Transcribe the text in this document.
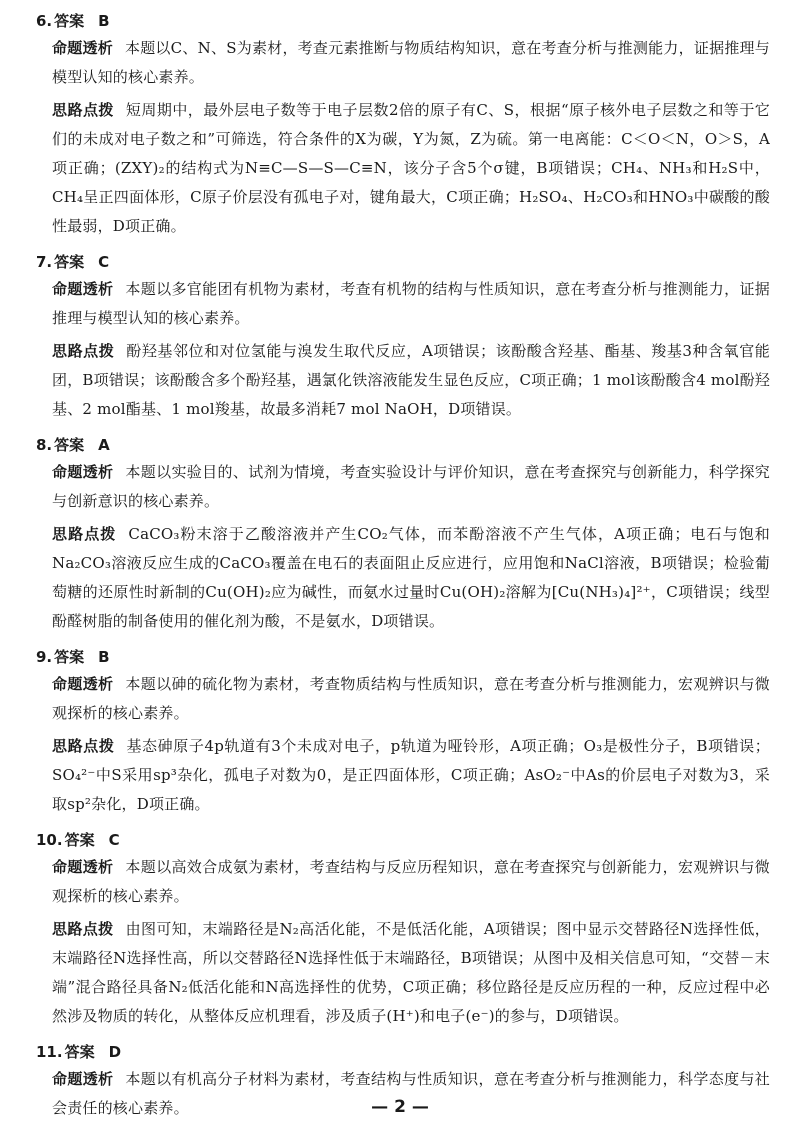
6. 答案 B

命题透析 本题以C、N、S为素材，考查元素推断与物质结构知识，意在考查分析与推测能力，证据推理与模型认知的核心素养。

思路点拨 短周期中，最外层电子数等于电子层数2倍的原子有C、S，根据“原子核外电子层数之和等于它们的未成对电子数之和”可筛选，符合条件的X为碳，Y为氮，Z为硫。第一电离能：C＜O＜N，O＞S，A项正确；(ZXY)₂的结构式为N≡C—S—S—C≡N，该分子含5个σ键，B项错误；CH₄、NH₃和H₂S中，CH₄呈正四面体形，C原子价层没有孤电子对，键角最大，C项正确；H₂SO₄、H₂CO₃和HNO₃中碳酸的酸性最弱，D项正确。

7. 答案 C

命题透析 本题以多官能团有机物为素材，考查有机物的结构与性质知识，意在考查分析与推测能力，证据推理与模型认知的核心素养。

思路点拨 酚羟基邻位和对位氢能与溴发生取代反应，A项错误；该酚酸含羟基、酯基、羧基3种含氧官能团，B项错误；该酚酸含多个酚羟基，遇氯化铁溶液能发生显色反应，C项正确；1 mol该酚酸含4 mol酚羟基、2 mol酯基、1 mol羧基，故最多消耗7 mol NaOH，D项错误。

8. 答案 A

命题透析 本题以实验目的、试剂为情境，考查实验设计与评价知识，意在考查探究与创新能力，科学探究与创新意识的核心素养。

思路点拨 CaCO₃粉末溶于乙酸溶液并产生CO₂气体，而苯酚溶液不产生气体，A项正确；电石与饱和Na₂CO₃溶液反应生成的CaCO₃覆盖在电石的表面阻止反应进行，应用饱和NaCl溶液，B项错误；检验葡萄糖的还原性时新制的Cu(OH)₂应为碱性，而氨水过量时Cu(OH)₂溶解为[Cu(NH₃)₄]²⁺，C项错误；线型酚醛树脂的制备使用的催化剂为酸，不是氨水，D项错误。

9. 答案 B

命题透析 本题以砷的硫化物为素材，考查物质结构与性质知识，意在考查分析与推测能力，宏观辨识与微观探析的核心素养。

思路点拨 基态砷原子4p轨道有3个未成对电子，p轨道为哑铃形，A项正确；O₃是极性分子，B项错误；SO₄²⁻中S采用sp³杂化，孤电子对数为0，是正四面体形，C项正确；AsO₂⁻中As的价层电子对数为3，采取sp²杂化，D项正确。

10. 答案 C

命题透析 本题以高效合成氨为素材，考查结构与反应历程知识，意在考查探究与创新能力，宏观辨识与微观探析的核心素养。

思路点拨 由图可知，末端路径是N₂高活化能，不是低活化能，A项错误；图中显示交替路径N选择性低，末端路径N选择性高，所以交替路径N选择性低于末端路径，B项错误；从图中及相关信息可知，“交替－末端”混合路径具备N₂低活化能和N高选择性的优势，C项正确；移位路径是反应历程的一种，反应过程中必然涉及物质的转化，从整体反应机理看，涉及质子(H⁺)和电子(e⁻)的参与，D项错误。

11. 答案 D

命题透析 本题以有机高分子材料为素材，考查结构与性质知识，意在考查分析与推测能力，科学态度与社会责任的核心素养。	— 2 —
